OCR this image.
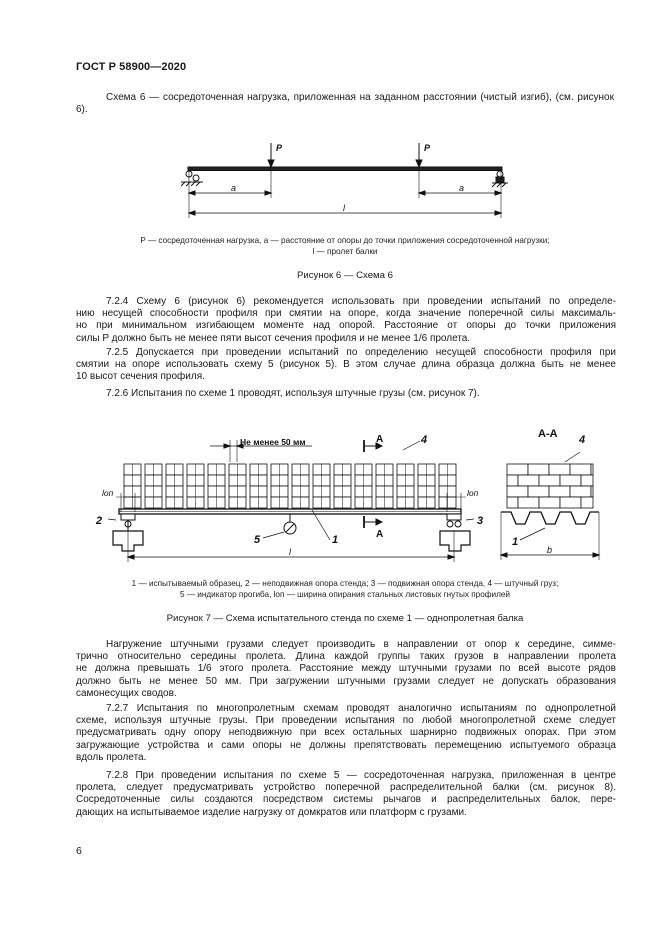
ГОСТ Р 58900—2020
Схема 6 — сосредоточенная нагрузка, приложенная на заданном расстоянии (чистый изгиб), (см. рисунок 6).
P	P
a	a
l
P — сосредоточенная нагрузка, a — расстояние от опоры до точки приложения сосредоточенной нагрузки;
l — пролет балки
Рисунок 6 — Схема 6
7.2.4 Схему 6 (рисунок 6) рекомендуется использовать при проведении испытаний по определе-
нию несущей способности профиля при смятии на опоре, когда значение поперечной силы максималь-
но при минимальном изгибающем моменте над опорой. Расстояние от опоры до точки приложения
силы P должно быть не менее пяти высот сечения профиля и не менее 1/6 пролета.
7.2.5 Допускается при проведении испытаний по определению несущей способности профиля при
смятии на опоре использовать схему 5 (рисунок 5). В этом случае длина образца должна быть не менее
10 высот сечения профиля.
7.2.6 Испытания по схеме 1 проводят, используя штучные грузы (см. рисунок 7).
Не менее 50 мм	А
А
А-А
4	4
2	3
1
5	1
lоп	lоп
l	b
1 — испытываемый образец, 2 — неподвижная опора стенда; 3 — подвижная опора стенда, 4 — штучный груз;
5 — индикатор прогиба, lоп — ширина опирания стальных листовых гнутых профилей
Рисунок 7 — Схема испытательного стенда по схеме 1 — однопролетная балка
Нагружение штучными грузами следует производить в направлении от опор к середине, симме-
трично относительно середины пролета. Длина каждой группы таких грузов в направлении пролета
не должна превышать 1/6 этого пролета. Расстояние между штучными грузами по всей высоте рядов
должно быть не менее 50 мм. При загружении штучными грузами следует не допускать образования
самонесущих сводов.
7.2.7 Испытания по многопролетным схемам проводят аналогично испытаниям по однопролетной
схеме, используя штучные грузы. При проведении испытания по любой многопролетной схеме следует
предусматривать одну опору неподвижную при всех остальных шарнирно подвижных опорах. При этом
загружающие устройства и сами опоры не должны препятствовать перемещению испытуемого образца
вдоль пролета.
7.2.8 При проведении испытания по схеме 5 — сосредоточенная нагрузка, приложенная в центре
пролета, следует предусматривать устройство поперечной распределительной балки (см. рисунок 8).
Сосредоточенные силы создаются посредством системы рычагов и распределительных балок, пере-
дающих на испытываемое изделие нагрузку от домкратов или платформ с грузами.
6
